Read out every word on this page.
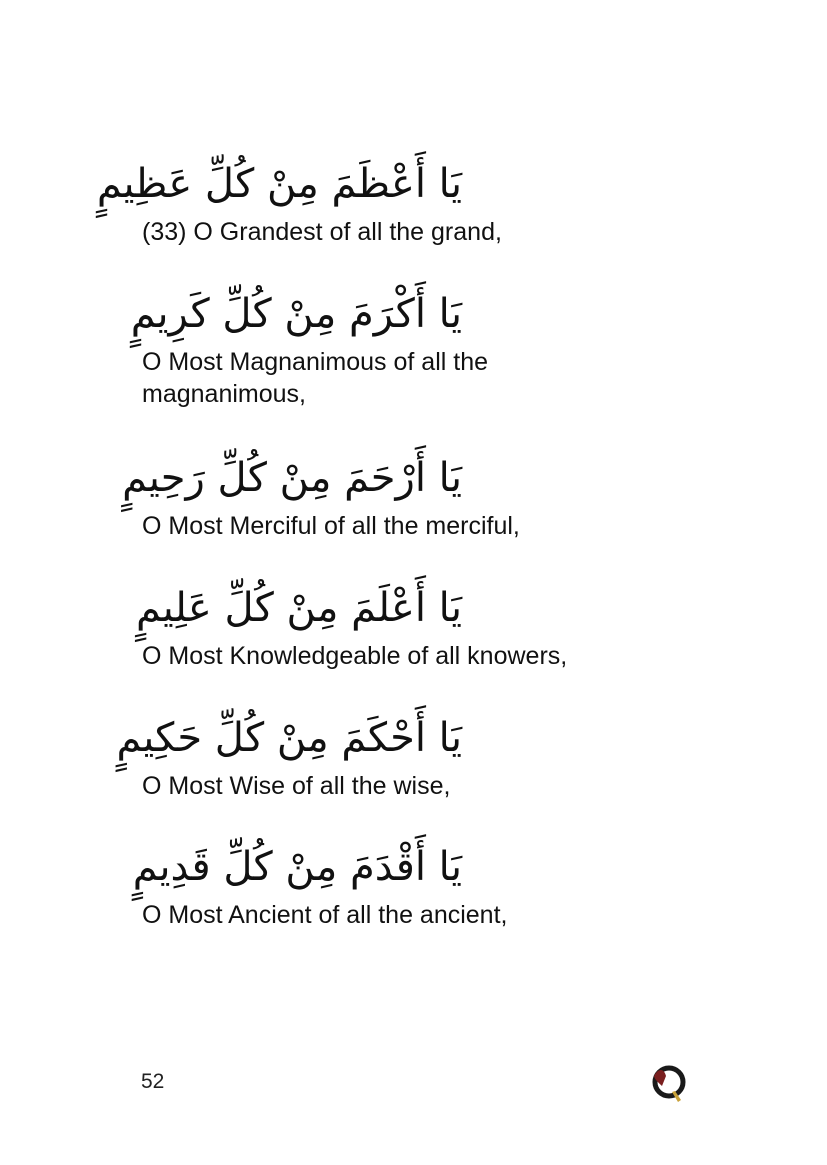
يَا أَعْظَمَ مِنْ كُلِّ عَظِيمٍ
(33) O Grandest of all the grand,
يَا أَكْرَمَ مِنْ كُلِّ كَرِيمٍ
O Most Magnanimous of all the magnanimous,
يَا أَرْحَمَ مِنْ كُلِّ رَحِيمٍ
O Most Merciful of all the merciful,
يَا أَعْلَمَ مِنْ كُلِّ عَلِيمٍ
O Most Knowledgeable of all knowers,
يَا أَحْكَمَ مِنْ كُلِّ حَكِيمٍ
O Most Wise of all the wise,
يَا أَقْدَمَ مِنْ كُلِّ قَدِيمٍ
O Most Ancient of all the ancient,
52
